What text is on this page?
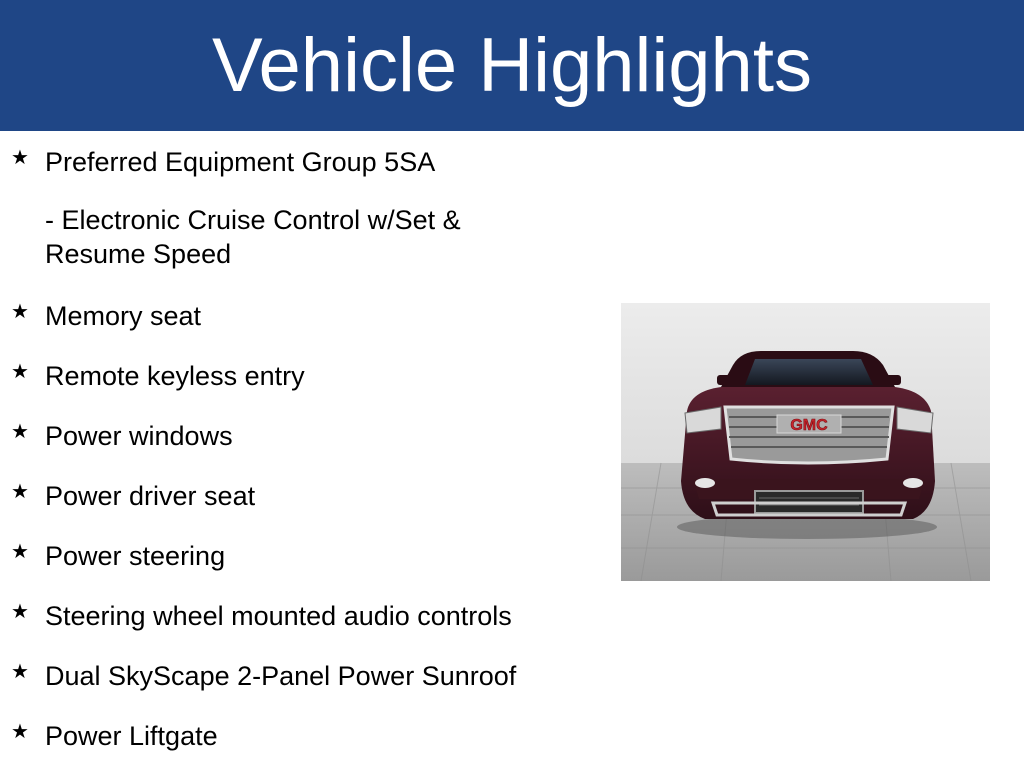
Vehicle Highlights
★ Preferred Equipment Group 5SA
- Electronic Cruise Control w/Set & Resume Speed
★ Memory seat
★ Remote keyless entry
★ Power windows
★ Power driver seat
★ Power steering
★ Steering wheel mounted audio controls
★ Dual SkyScape 2-Panel Power Sunroof
★ Power Liftgate
GMC
